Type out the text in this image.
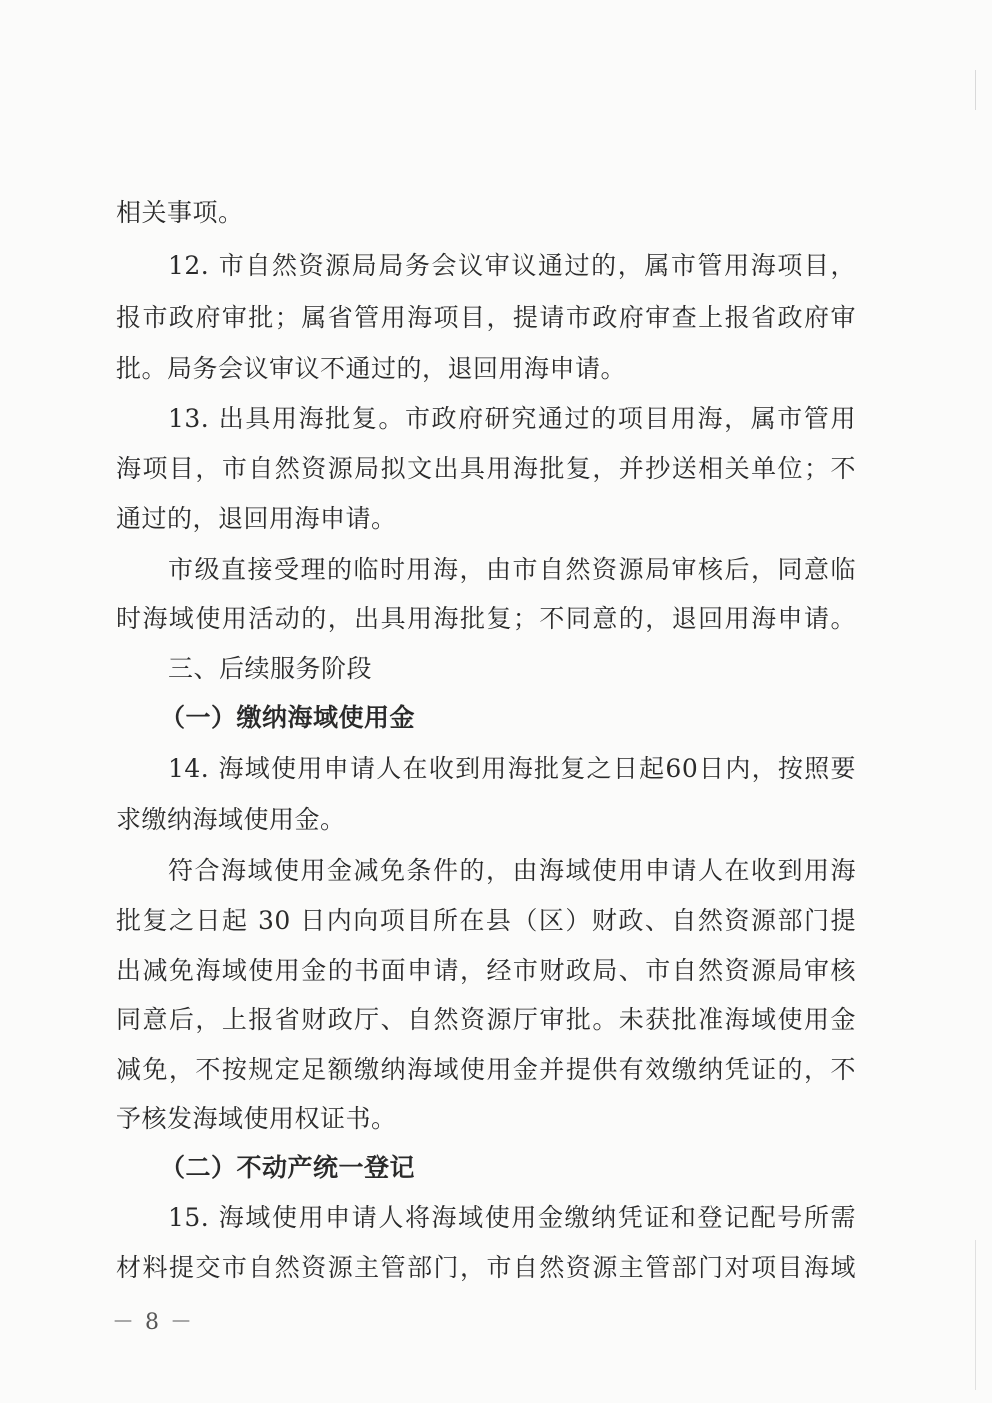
相关事项。
12. 市自然资源局局务会议审议通过的，属市管用海项目，
报市政府审批；属省管用海项目，提请市政府审查上报省政府审
批。局务会议审议不通过的，退回用海申请。
13. 出具用海批复。市政府研究通过的项目用海，属市管用
海项目，市自然资源局拟文出具用海批复，并抄送相关单位；不
通过的，退回用海申请。
市级直接受理的临时用海，由市自然资源局审核后，同意临
时海域使用活动的，出具用海批复；不同意的，退回用海申请。
三、后续服务阶段
（一）缴纳海域使用金
14. 海域使用申请人在收到用海批复之日起60日内，按照要
求缴纳海域使用金。
符合海域使用金减免条件的，由海域使用申请人在收到用海
批复之日起 30 日内向项目所在县（区）财政、自然资源部门提
出减免海域使用金的书面申请，经市财政局、市自然资源局审核
同意后，上报省财政厅、自然资源厅审批。未获批准海域使用金
减免，不按规定足额缴纳海域使用金并提供有效缴纳凭证的，不
予核发海域使用权证书。
（二）不动产统一登记
15. 海域使用申请人将海域使用金缴纳凭证和登记配号所需
材料提交市自然资源主管部门，市自然资源主管部门对项目海域
－ 8 －
